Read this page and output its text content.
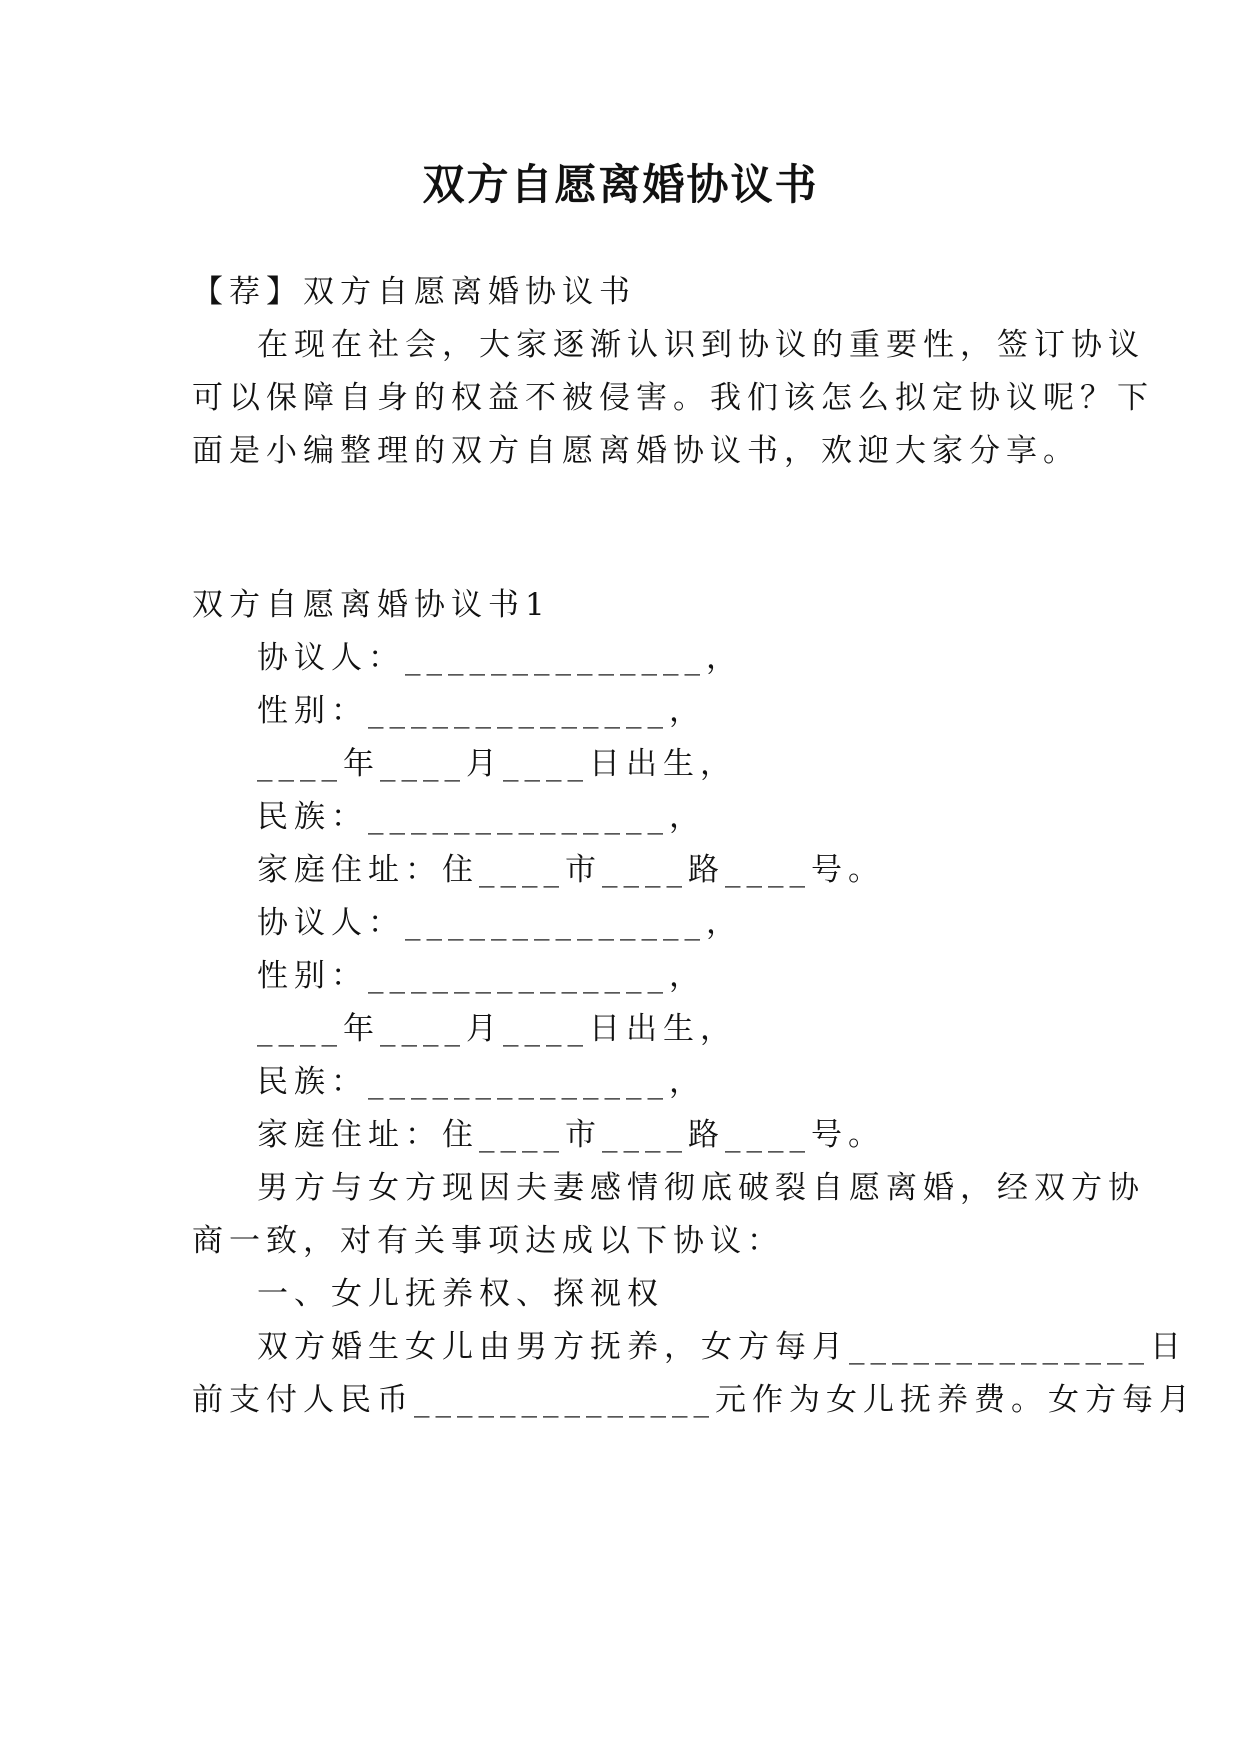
双方自愿离婚协议书

【荐】双方自愿离婚协议书

在现在社会，大家逐渐认识到协议的重要性，签订协议

可以保障自身的权益不被侵害。我们该怎么拟定协议呢？下

面是小编整理的双方自愿离婚协议书，欢迎大家分享。

双方自愿离婚协议书1

协议人：______________，

性别：______________，

____年____月____日出生，

民族：______________，

家庭住址：住____市____路____号。

协议人：______________，

性别：______________，

____年____月____日出生，

民族：______________，

家庭住址：住____市____路____号。

男方与女方现因夫妻感情彻底破裂自愿离婚，经双方协

商一致，对有关事项达成以下协议：

一、女儿抚养权、探视权

双方婚生女儿由男方抚养，女方每月______________日

前支付人民币______________元作为女儿抚养费。女方每月
